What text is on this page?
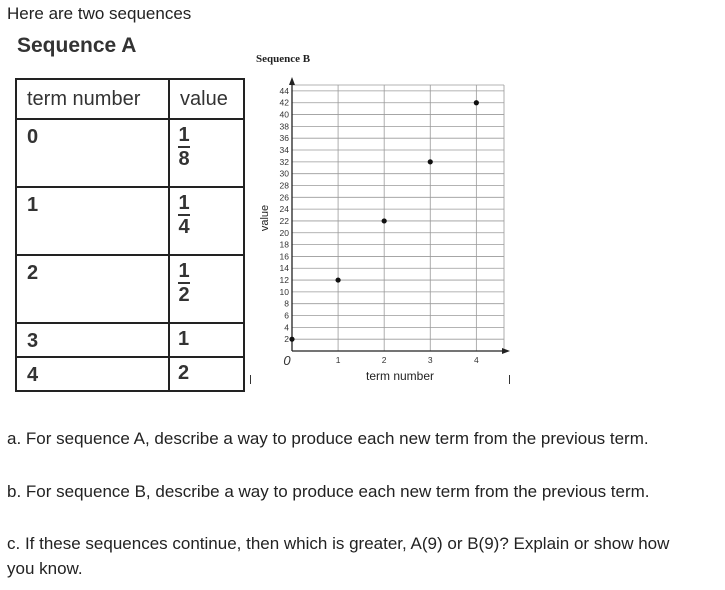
Here are two sequences
Sequence A
term number	value
0	$\frac{1}{8}$

1	$\frac{1}{4}$

2	$\frac{1}{2}$

3	1
4	2
Sequence B
2
4
6
8
10
12
14
16
18
20
22
24
26
28
30
32
34
36
38
40
42
44
0	1	2	3	4
value
term number
a. For sequence A, describe a way to produce each new term from the previous term.
b. For sequence B, describe a way to produce each new term from the previous term.
c. If these sequences continue, then which is greater, A(9) or B(9)? Explain or show how
you know.
